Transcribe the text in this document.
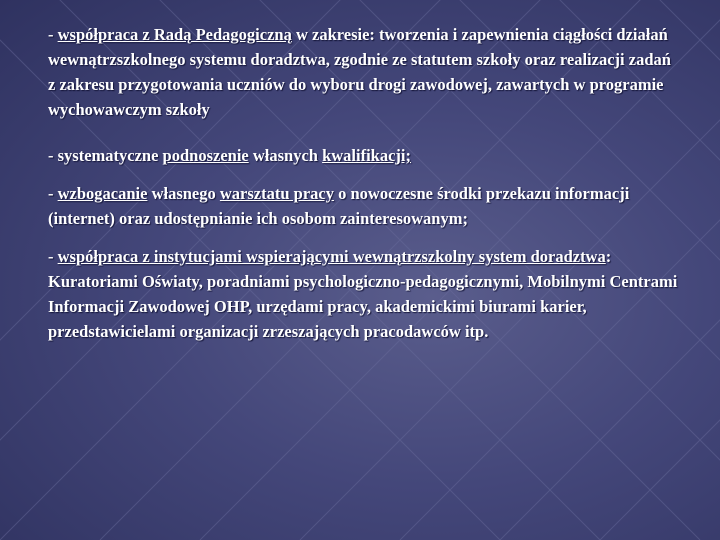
- współpraca z Radą Pedagogiczną w zakresie: tworzenia i zapewnienia ciągłości działań wewnątrzszkolnego systemu doradztwa, zgodnie ze statutem szkoły oraz realizacji zadań z zakresu przygotowania uczniów do wyboru drogi zawodowej, zawartych w programie wychowawczym szkoły

- systematyczne podnoszenie własnych kwalifikacji;

- wzbogacanie własnego warsztatu pracy o nowoczesne środki przekazu informacji (internet) oraz udostępnianie ich osobom zainteresowanym;

- współpraca z instytucjami wspierającymi wewnątrzszkolny system doradztwa: Kuratoriami Oświaty, poradniami psychologiczno-pedagogicznymi, Mobilnymi Centrami Informacji Zawodowej OHP, urzędami pracy, akademickimi biurami karier, przedstawicielami organizacji zrzeszających pracodawców itp.
